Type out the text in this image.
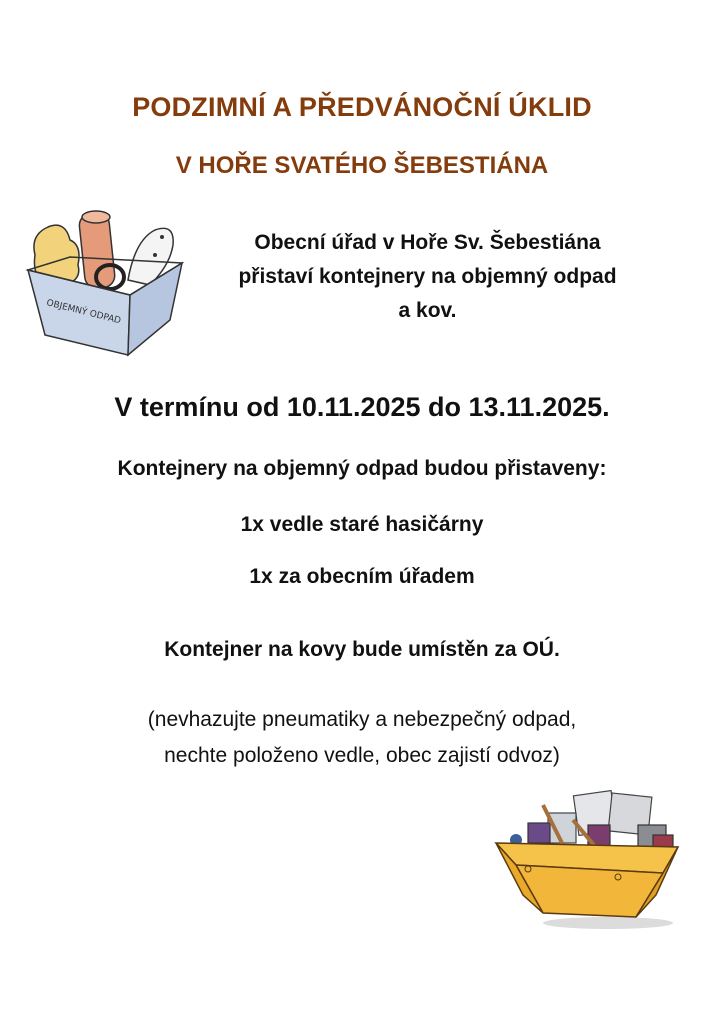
PODZIMNÍ A PŘEDVÁNOČNÍ ÚKLID
V HOŘE SVATÉHO ŠEBESTIÁNA
OBJEMNÝ ODPAD
Obecní úřad v Hoře Sv. Šebestiána
přistaví kontejnery na objemný odpad
a kov.
V termínu od 10.11.2025 do 13.11.2025.
Kontejnery na objemný odpad budou přistaveny:
1x vedle staré hasičárny
1x za obecním úřadem
Kontejner na kovy bude umístěn za OÚ.
(nevhazujte pneumatiky a nebezpečný odpad,
nechte položeno vedle, obec zajistí odvoz)
